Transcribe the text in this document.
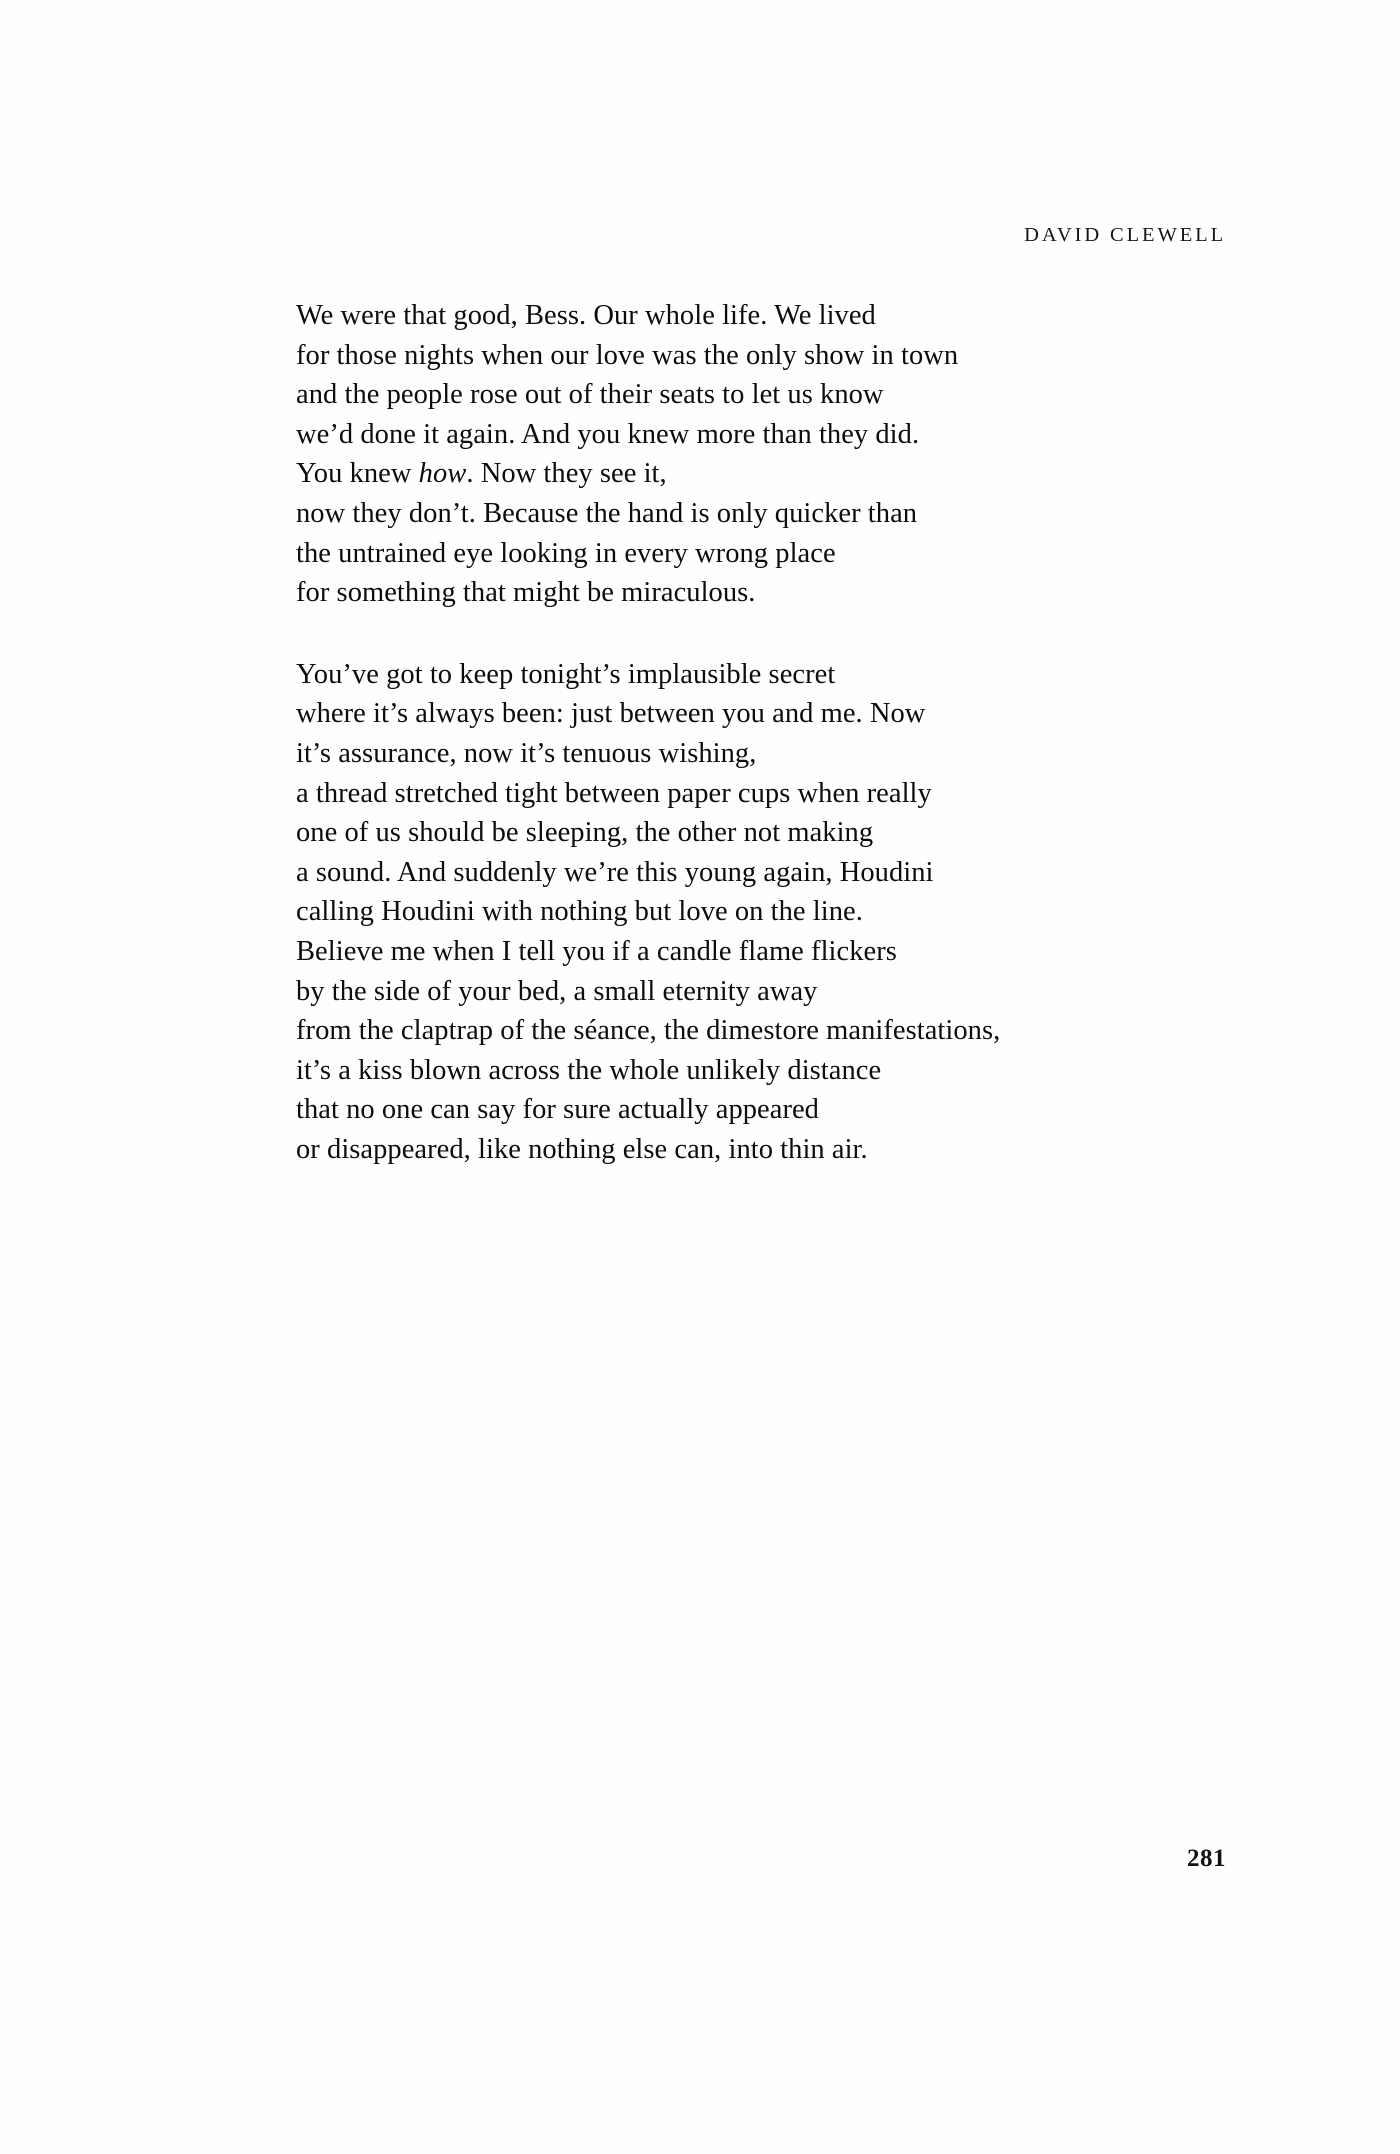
DAVID CLEWELL
We were that good, Bess. Our whole life. We lived
for those nights when our love was the only show in town
and the people rose out of their seats to let us know
we’d done it again. And you knew more than they did.
You knew how. Now they see it,
now they don’t. Because the hand is only quicker than
the untrained eye looking in every wrong place
for something that might be miraculous.
You’ve got to keep tonight’s implausible secret
where it’s always been: just between you and me. Now
it’s assurance, now it’s tenuous wishing,
a thread stretched tight between paper cups when really
one of us should be sleeping, the other not making
a sound. And suddenly we’re this young again, Houdini
calling Houdini with nothing but love on the line.
Believe me when I tell you if a candle flame flickers
by the side of your bed, a small eternity away
from the claptrap of the séance, the dimestore manifestations,
it’s a kiss blown across the whole unlikely distance
that no one can say for sure actually appeared
or disappeared, like nothing else can, into thin air.
281
